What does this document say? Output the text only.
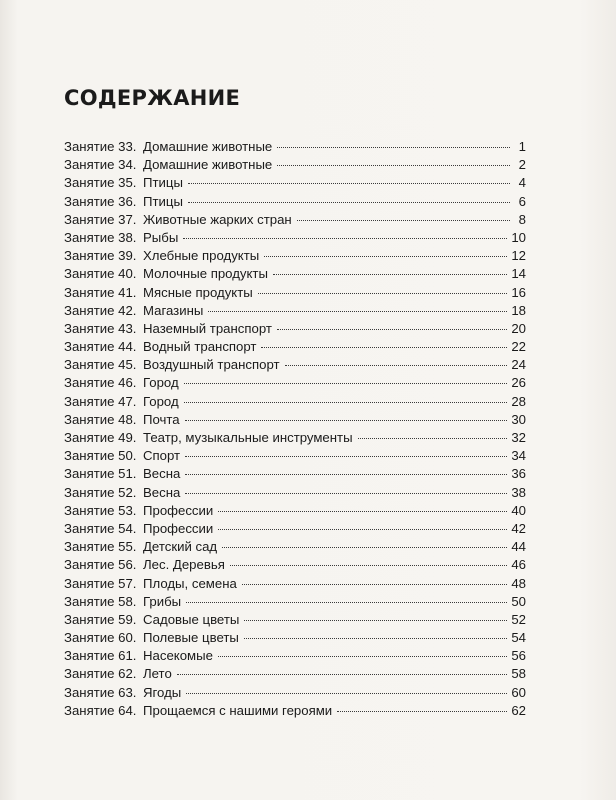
СОДЕРЖАНИЕ
Занятие 33. Домашние животные	1
Занятие 34. Домашние животные	2
Занятие 35. Птицы	4
Занятие 36. Птицы	6
Занятие 37. Животные жарких стран	8
Занятие 38. Рыбы	10
Занятие 39. Хлебные продукты	12
Занятие 40. Молочные продукты	14
Занятие 41. Мясные продукты	16
Занятие 42. Магазины	18
Занятие 43. Наземный транспорт	20
Занятие 44. Водный транспорт	22
Занятие 45. Воздушный транспорт	24
Занятие 46. Город	26
Занятие 47. Город	28
Занятие 48. Почта	30
Занятие 49. Театр, музыкальные инструменты	32
Занятие 50. Спорт	34
Занятие 51. Весна	36
Занятие 52. Весна	38
Занятие 53. Профессии	40
Занятие 54. Профессии	42
Занятие 55. Детский сад	44
Занятие 56. Лес. Деревья	46
Занятие 57. Плоды, семена	48
Занятие 58. Грибы	50
Занятие 59. Садовые цветы	52
Занятие 60. Полевые цветы	54
Занятие 61. Насекомые	56
Занятие 62. Лето	58
Занятие 63. Ягоды	60
Занятие 64. Прощаемся с нашими героями	62
